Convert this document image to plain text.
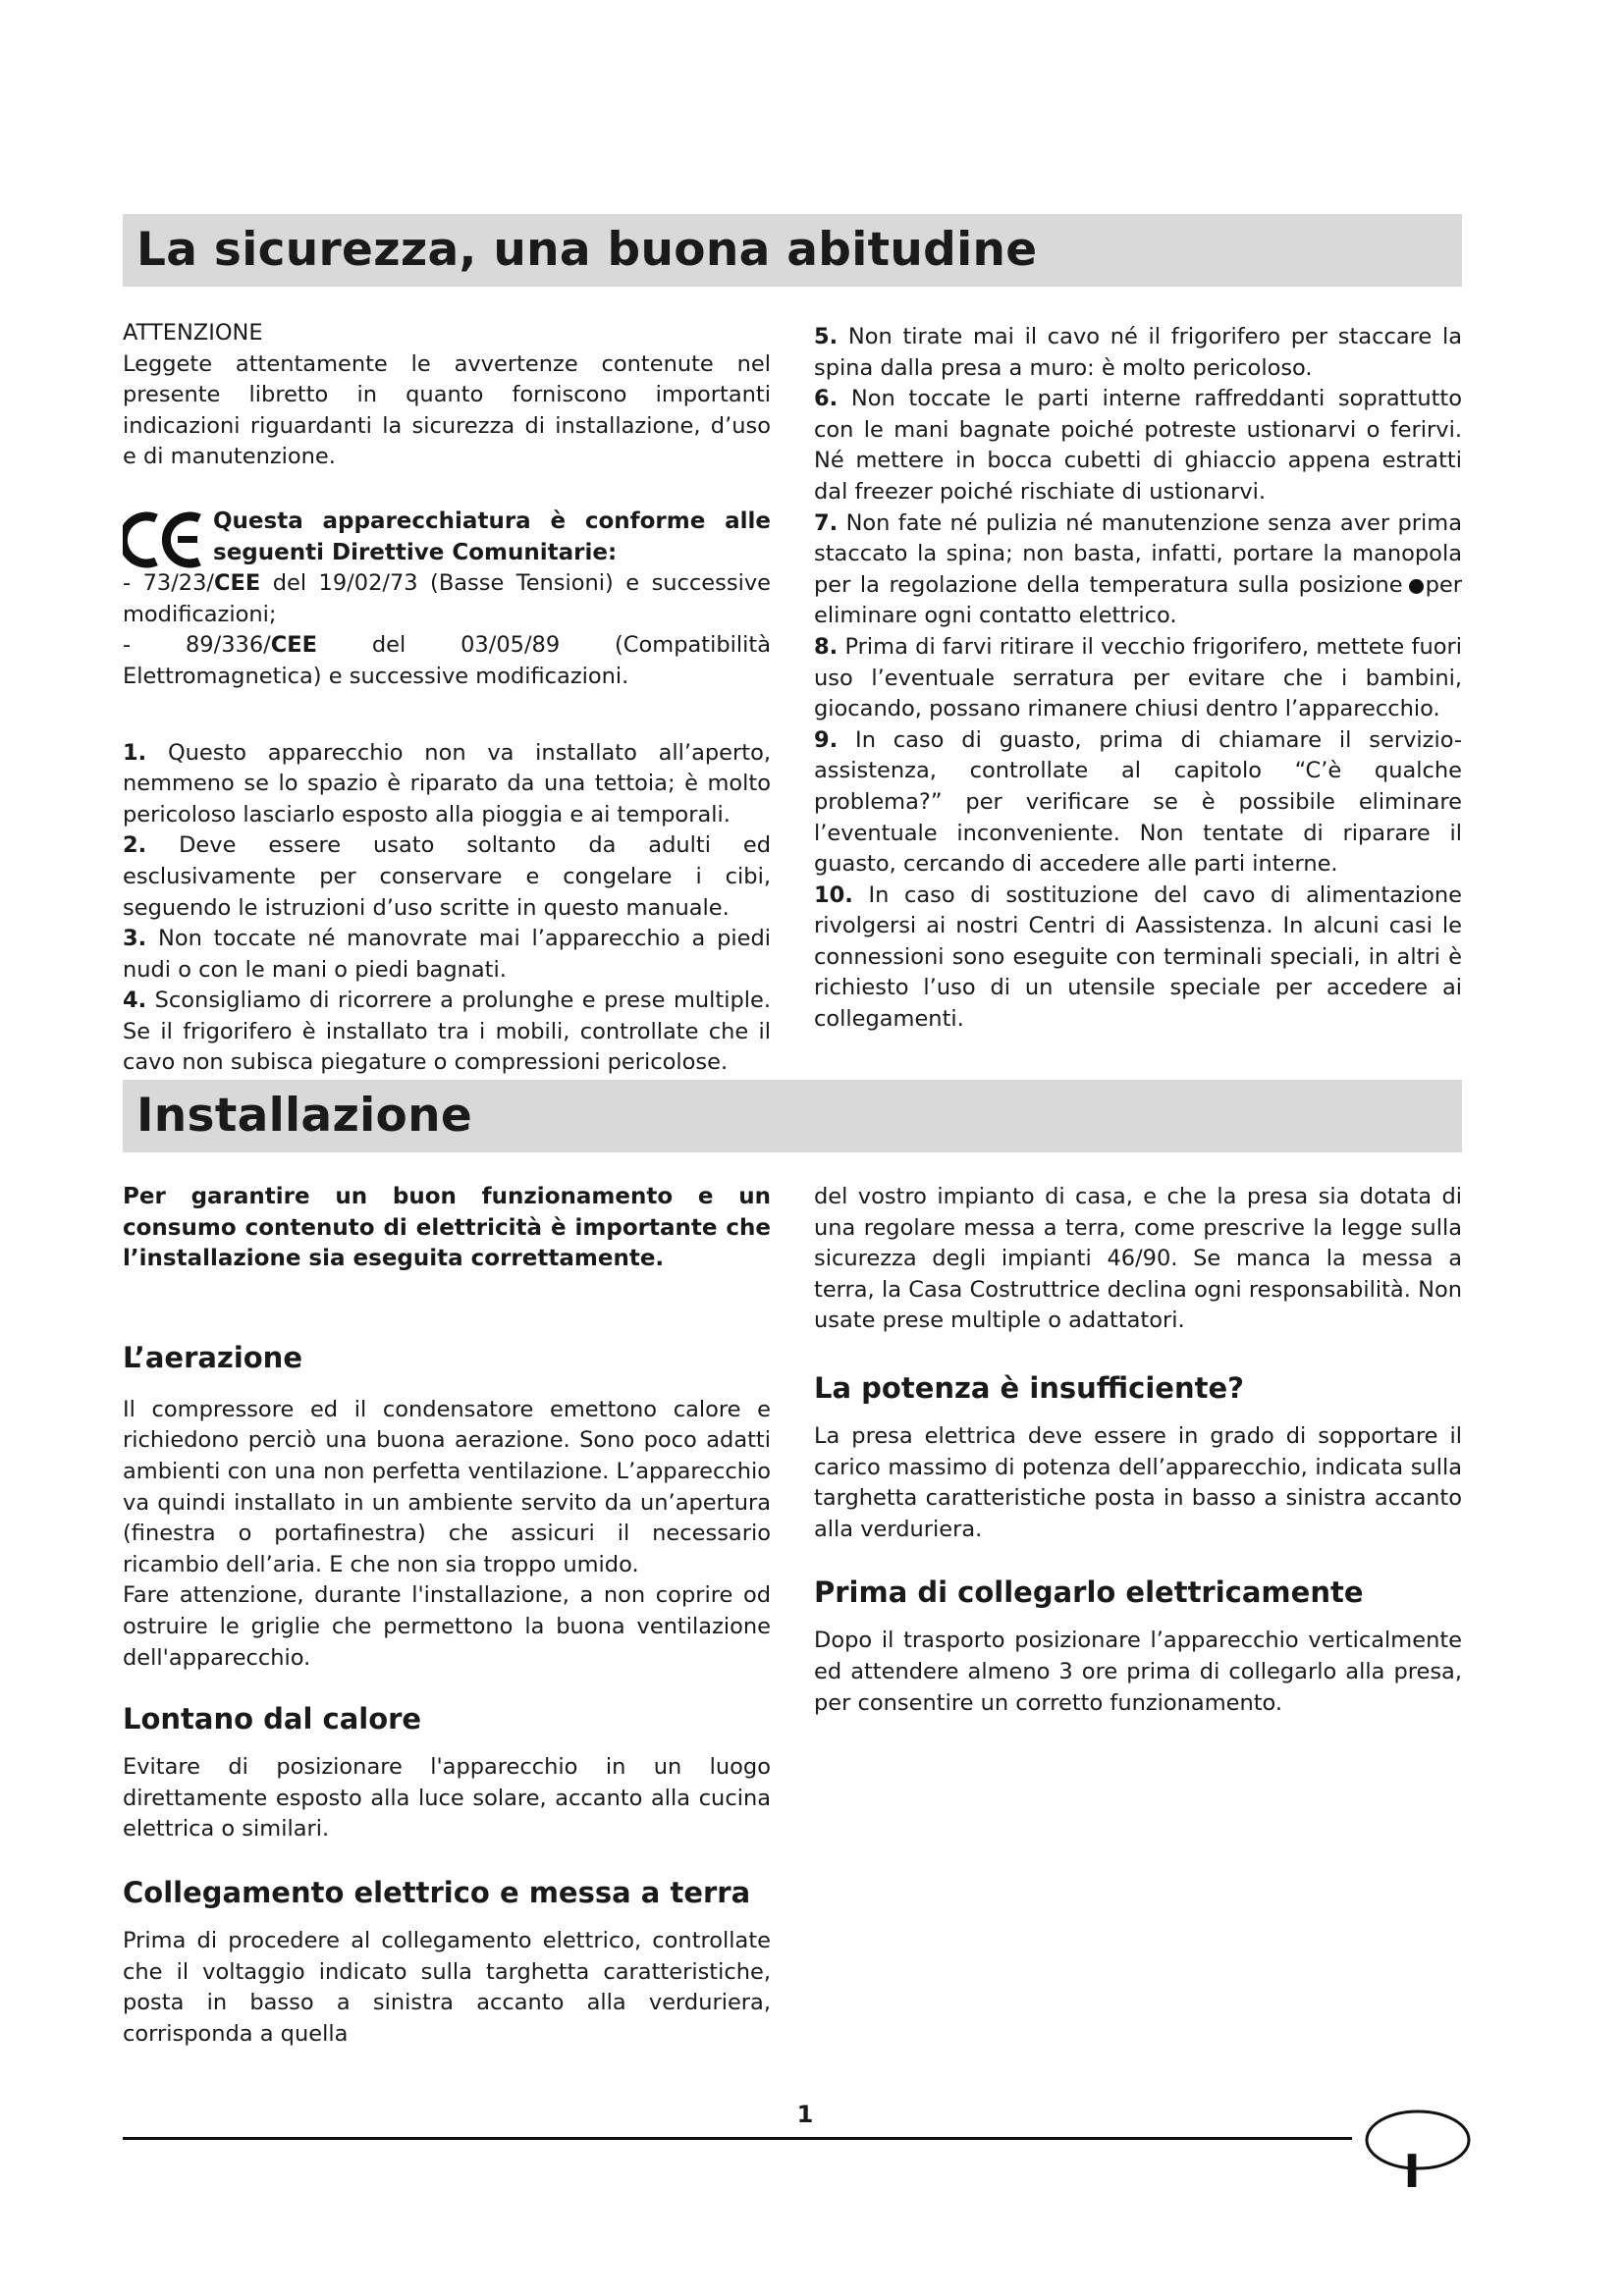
La sicurezza, una buona abitudine

ATTENZIONE

Leggete attentamente le avvertenze contenute nel presente libretto in quanto forniscono importanti indicazioni riguardanti la sicurezza di installazione, d’uso e di manutenzione.

Questa apparecchiatura è conforme alle seguenti Direttive Comunitarie:

- 73/23/CEE del 19/02/73 (Basse Tensioni) e successive modificazioni;

- 89/336/CEE del 03/05/89 (Compatibilità Elettromagnetica) e successive modificazioni.

1. Questo apparecchio non va installato all’aperto, nemmeno se lo spazio è riparato da una tettoia; è molto pericoloso lasciarlo esposto alla pioggia e ai temporali.

2. Deve essere usato soltanto da adulti ed esclusivamente per conservare e congelare i cibi, seguendo le istruzioni d’uso scritte in questo manuale.

3. Non toccate né manovrate mai l’apparecchio a piedi nudi o con le mani o piedi bagnati.

4. Sconsigliamo di ricorrere a prolunghe e prese multiple. Se il frigorifero è installato tra i mobili, controllate che il cavo non subisca piegature o compressioni pericolose.

5. Non tirate mai il cavo né il frigorifero per staccare la spina dalla presa a muro: è molto pericoloso.

6. Non toccate le parti interne raffreddanti soprattutto con le mani bagnate poiché potreste ustionarvi o ferirvi. Né mettere in bocca cubetti di ghiaccio appena estratti dal freezer poiché rischiate di ustionarvi.

7. Non fate né pulizia né manutenzione senza aver prima staccato la spina; non basta, infatti, portare la manopola per la regolazione della temperatura sulla posizione per eliminare ogni contatto elettrico.

8. Prima di farvi ritirare il vecchio frigorifero, mettete fuori uso l’eventuale serratura per evitare che i bambini, giocando, possano rimanere chiusi dentro l’apparecchio.

9. In caso di guasto, prima di chiamare il servizio-assistenza, controllate al capitolo “C’è qualche problema?” per verificare se è possibile eliminare l’eventuale inconveniente. Non tentate di riparare il guasto, cercando di accedere alle parti interne.

10. In caso di sostituzione del cavo di alimentazione rivolgersi ai nostri Centri di Aassistenza. In alcuni casi le connessioni sono eseguite con terminali speciali, in altri è richiesto l’uso di un utensile speciale per accedere ai collegamenti.

Installazione

Per garantire un buon funzionamento e un consumo contenuto di elettricità è importante che l’installazione sia eseguita correttamente.

L’aerazione

Il compressore ed il condensatore emettono calore e richiedono perciò una buona aerazione. Sono poco adatti ambienti con una non perfetta ventilazione. L’apparecchio va quindi installato in un ambiente servito da un’apertura (finestra o portafinestra) che assicuri il necessario ricambio dell’aria. E che non sia troppo umido.

Fare attenzione, durante l'installazione, a non coprire od ostruire le griglie che permettono la buona ventilazione dell'apparecchio.

Lontano dal calore

Evitare di posizionare l'apparecchio in un luogo direttamente esposto alla luce solare, accanto alla cucina elettrica o similari.

Collegamento elettrico e messa a terra

Prima di procedere al collegamento elettrico, controllate che il voltaggio indicato sulla targhetta caratteristiche, posta in basso a sinistra accanto alla verduriera, corrisponda a quella

del vostro impianto di casa, e che la presa sia dotata di una regolare messa a terra, come prescrive la legge sulla sicurezza degli impianti 46/90. Se manca la messa a terra, la Casa Costruttrice declina ogni responsabilità. Non usate prese multiple o adattatori.

La potenza è insufficiente?

La presa elettrica deve essere in grado di sopportare il carico massimo di potenza dell’apparecchio, indicata sulla targhetta caratteristiche posta in basso a sinistra accanto alla verduriera.

Prima di collegarlo elettricamente

Dopo il trasporto posizionare l’apparecchio verticalmente ed attendere almeno 3 ore prima di collegarlo alla presa, per consentire un corretto funzionamento.

1
I
